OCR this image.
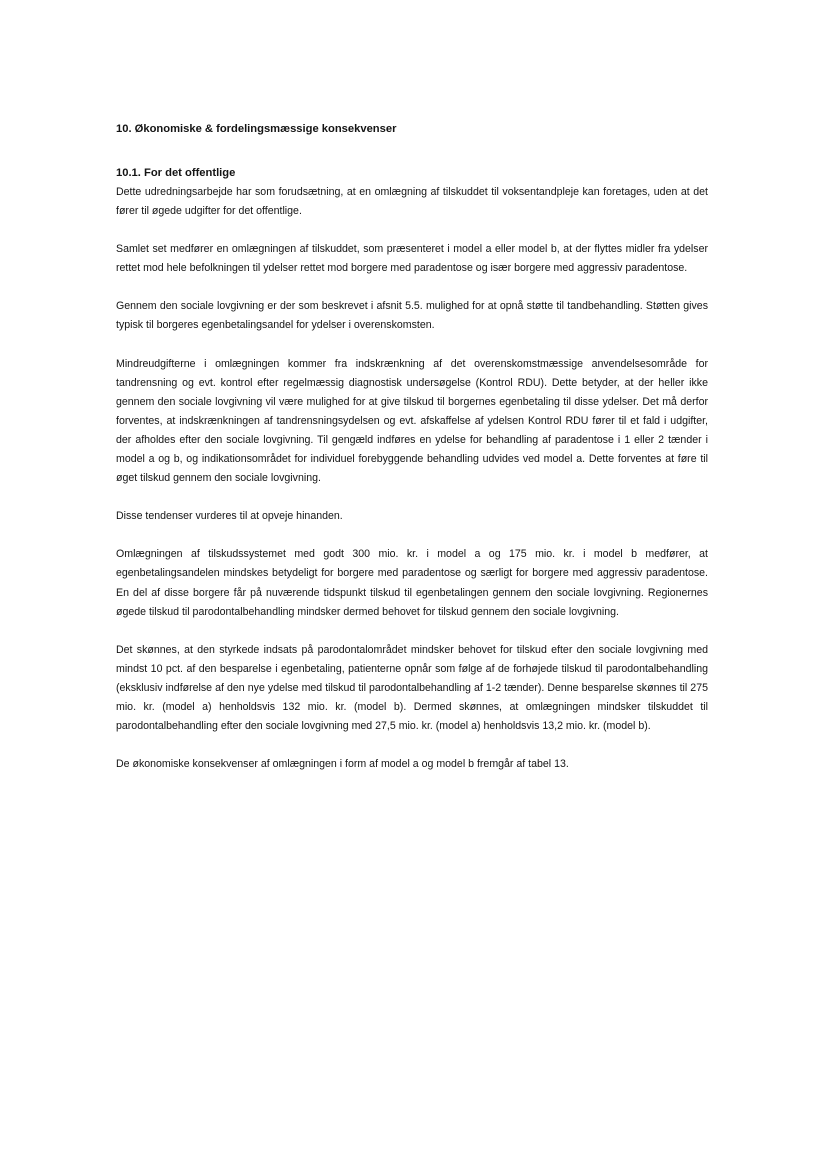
10. Økonomiske & fordelingsmæssige konsekvenser
10.1. For det offentlige

Dette udredningsarbejde har som forudsætning, at en omlægning af tilskuddet til voksentandpleje kan foretages, uden at det fører til øgede udgifter for det offentlige.

Samlet set medfører en omlægningen af tilskuddet, som præsenteret i model a eller model b, at der flyttes midler fra ydelser rettet mod hele befolkningen til ydelser rettet mod borgere med paradentose og især borgere med aggressiv paradentose.

Gennem den sociale lovgivning er der som beskrevet i afsnit 5.5. mulighed for at opnå støtte til tandbehandling. Støtten gives typisk til borgeres egenbetalingsandel for ydelser i overenskomsten.

Mindreudgifterne i omlægningen kommer fra indskrænkning af det overenskomstmæssige anvendelsesområde for tandrensning og evt. kontrol efter regelmæssig diagnostisk undersøgelse (Kontrol RDU). Dette betyder, at der heller ikke gennem den sociale lovgivning vil være mulighed for at give tilskud til borgernes egenbetaling til disse ydelser. Det må derfor forventes, at indskrænkningen af tandrensningsydelsen og evt. afskaffelse af ydelsen Kontrol RDU fører til et fald i udgifter, der afholdes efter den sociale lovgivning. Til gengæld indføres en ydelse for behandling af paradentose i 1 eller 2 tænder i model a og b, og indikationsområdet for individuel forebyggende behandling udvides ved model a. Dette forventes at føre til øget tilskud gennem den sociale lovgivning.

Disse tendenser vurderes til at opveje hinanden.

Omlægningen af tilskudssystemet med godt 300 mio. kr. i model a og 175 mio. kr. i model b medfører, at egenbetalingsandelen mindskes betydeligt for borgere med paradentose og særligt for borgere med aggressiv paradentose. En del af disse borgere får på nuværende tidspunkt tilskud til egenbetalingen gennem den sociale lovgivning. Regionernes øgede tilskud til parodontalbehandling mindsker dermed behovet for tilskud gennem den sociale lovgivning.

Det skønnes, at den styrkede indsats på parodontalområdet mindsker behovet for tilskud efter den sociale lovgivning med mindst 10 pct. af den besparelse i egenbetaling, patienterne opnår som følge af de forhøjede tilskud til parodontalbehandling (eksklusiv indførelse af den nye ydelse med tilskud til parodontalbehandling af 1-2 tænder). Denne besparelse skønnes til 275 mio. kr. (model a) henholdsvis 132 mio. kr. (model b). Dermed skønnes, at omlægningen mindsker tilskuddet til parodontalbehandling efter den sociale lovgivning med 27,5 mio. kr. (model a) henholdsvis 13,2 mio. kr. (model b).

De økonomiske konsekvenser af omlægningen i form af model a og model b fremgår af tabel 13.
